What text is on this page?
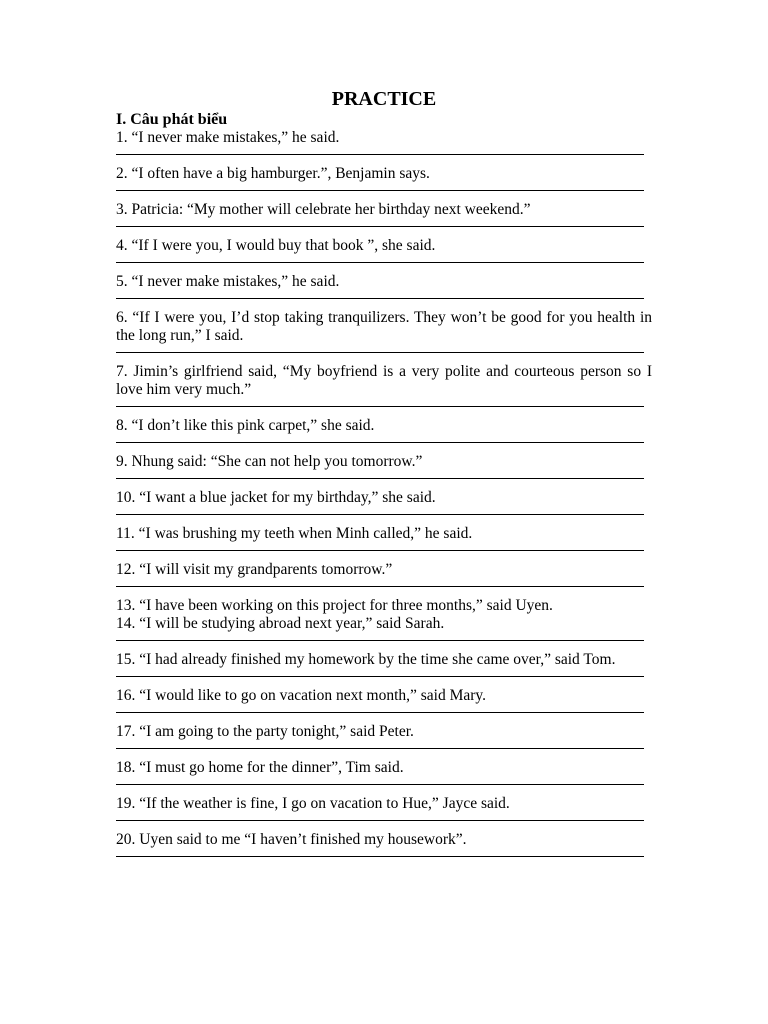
PRACTICE
I. Câu phát biểu
1. “I never make mistakes,” he said.
2. “I often have a big hamburger.”, Benjamin says.
3. Patricia: “My mother will celebrate her birthday next weekend.”
4. “If I were you, I would buy that book ”, she said.
5. “I never make mistakes,” he said.
6. “If I were you, I’d stop taking tranquilizers. They won’t be good for you health in the long run,” I said.
7. Jimin’s girlfriend said, “My boyfriend is a very polite and courteous person so I love him very much.”
8. “I don’t like this pink carpet,” she said.
9. Nhung said: “She can not help you tomorrow.”
10. “I want a blue jacket for my birthday,” she said.
11. “I was brushing my teeth when Minh called,” he said.
12. “I will visit my grandparents tomorrow.”
13. “I have been working on this project for three months,” said Uyen.
14. “I will be studying abroad next year,” said Sarah.
15. “I had already finished my homework by the time she came over,” said Tom.
16. “I would like to go on vacation next month,” said Mary.
17. “I am going to the party tonight,” said Peter.
18. “I must go home for the dinner”, Tim said.
19. “If the weather is fine, I go on vacation to Hue,” Jayce said.
20. Uyen said to me “I haven’t finished my housework”.
